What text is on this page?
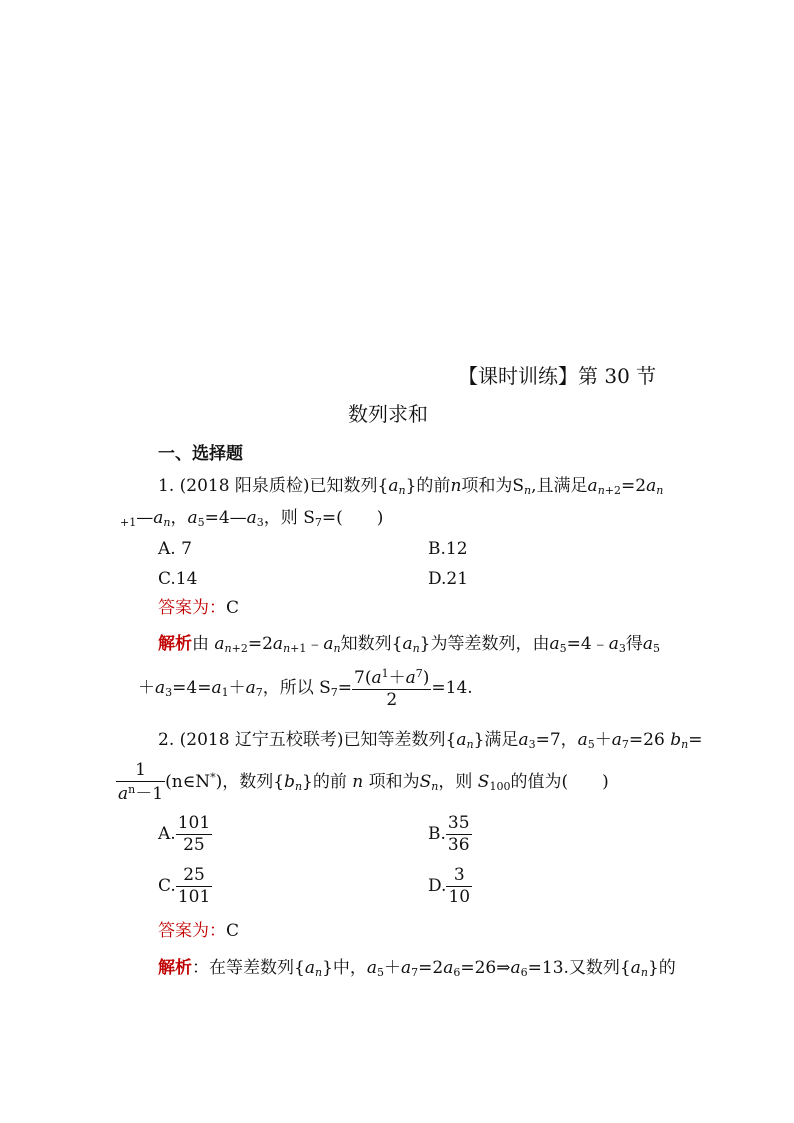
【课时训练】第 30 节
数列求和
一、选择题
1. (2018 阳泉质检)已知数列$\{a_n\}$的前n项和为$S_n$,且满足$a_{n+2}=2a_n$
$_{+1}—a_n$，$a_5=4—a_3$，则 $S_7=$(　　)
A. 7	B.12
C.14	D.21
答案为：C
解析由 $a_{n+2}=2a_{n+1}﹣a_n$知数列$\{a_n\}$为等差数列，由$a_5=4﹣a_3$得$a_5$
$+a_3=4=a_1+a_7$，所以 $S_7= \frac{7(a^1+a^7)}{2} =14$.
2. (2018 辽宁五校联考)已知等差数列$\{a_n\}$满足$a_3=7$，$a_5+a_7=26$ $b_n=$
$\frac{1}{a^n-1}$ (n∈N*)，数列$\{b_n\}$的前 n 项和为$S_n$，则 $S_{100}$的值为(　　)
A. $\frac{101}{25}$	B. $\frac{35}{36}$
C. $\frac{25}{101}$	D. $\frac{3}{10}$
答案为：C
解析：在等差数列$\{a_n\}$中，$a_5+a_7=2a_6=26\Rightarrow a_6=13$.又数列$\{a_n\}$的
